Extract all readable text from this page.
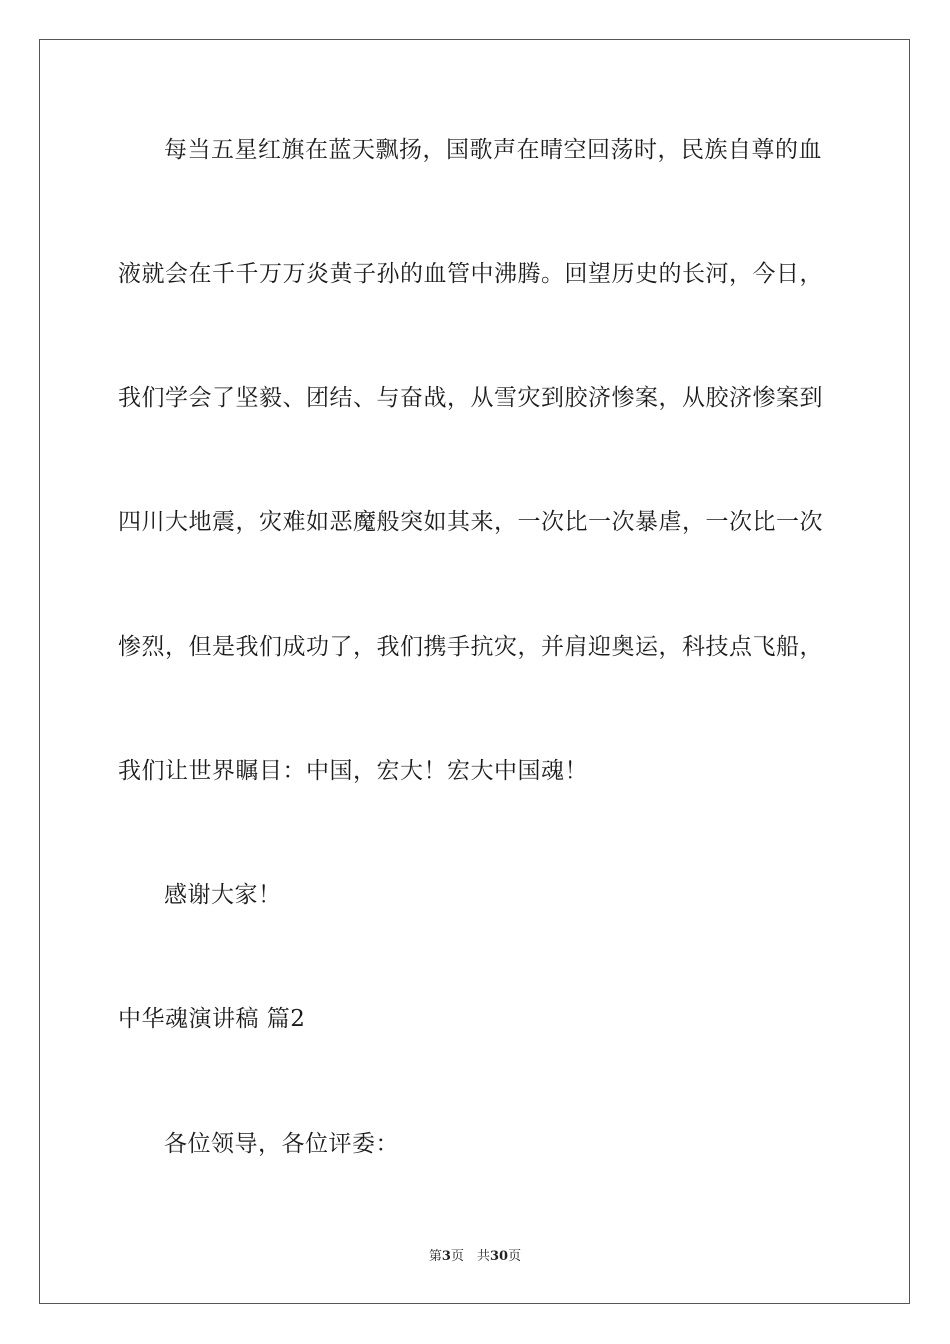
每当五星红旗在蓝天飘扬，国歌声在晴空回荡时，民族自尊的血
液就会在千千万万炎黄子孙的血管中沸腾。回望历史的长河，今日，
我们学会了坚毅、团结、与奋战，从雪灾到胶济惨案，从胶济惨案到
四川大地震，灾难如恶魔般突如其来，一次比一次暴虐，一次比一次
惨烈，但是我们成功了，我们携手抗灾，并肩迎奥运，科技点飞船，
我们让世界瞩目：中国，宏大！宏大中国魂！
感谢大家！
中华魂演讲稿 篇2
各位领导，各位评委：
第3页　共30页
